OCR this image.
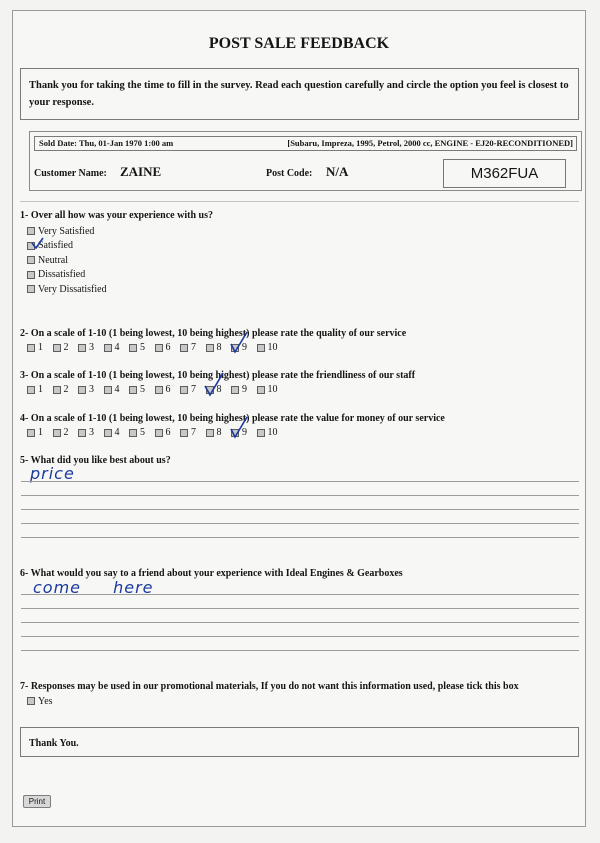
POST SALE FEEDBACK
Thank you for taking the time to fill in the survey. Read each question carefully and circle the option you feel is closest to your response.
Sold Date: Thu, 01-Jan 1970 1:00 am	[Subaru, Impreza, 1995, Petrol, 2000 cc, ENGINE - EJ20-RECONDITIONED]
Customer Name: ZAINE	Post Code: N/A	M362FUA
1- Over all how was your experience with us?
Very Satisfied
Satisfied
Neutral
Dissatisfied
Very Dissatisfied
2- On a scale of 1-10 (1 being lowest, 10 being highest) please rate the quality of our service
1 2 3 4 5 6 7 8 9 10
3- On a scale of 1-10 (1 being lowest, 10 being highest) please rate the friendliness of our staff
1 2 3 4 5 6 7 8 9 10
4- On a scale of 1-10 (1 being lowest, 10 being highest) please rate the value for money of our service
1 2 3 4 5 6 7 8 9 10
5- What did you like best about us?
price
6- What would you say to a friend about your experience with Ideal Engines & Gearboxes
come here
7- Responses may be used in our promotional materials, If you do not want this information used, please tick this box
Yes
Thank You.
Print
